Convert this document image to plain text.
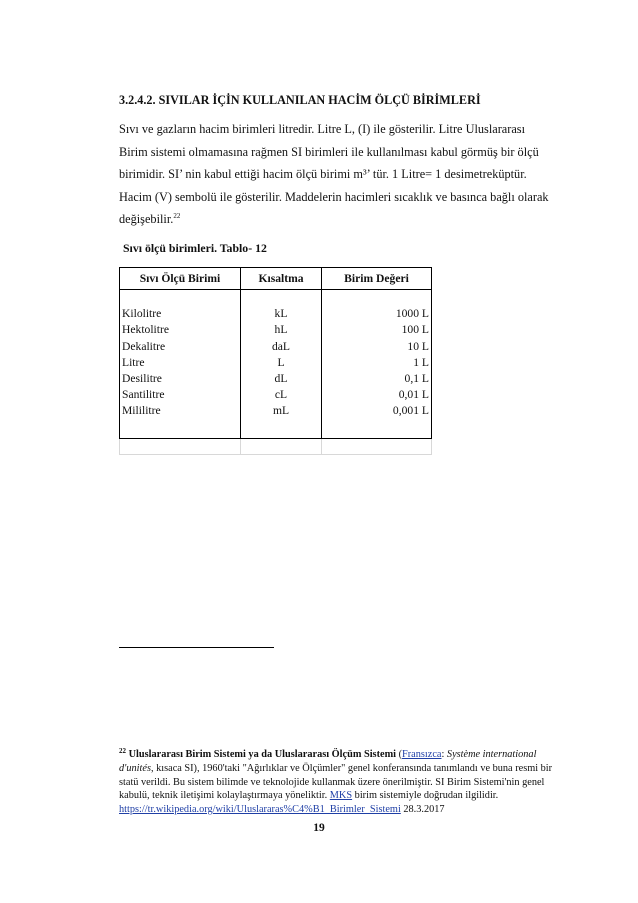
3.2.4.2. SIVILAR İÇİN KULLANILAN HACİM ÖLÇÜ BİRİMLERİ
Sıvı ve gazların hacim birimleri litredir. Litre L, (I) ile gösterilir. Litre Uluslararası
Birim sistemi olmamasına rağmen SI birimleri ile kullanılması kabul görmüş bir ölçü
birimidir. SI’ nin kabul ettiği hacim ölçü birimi m³’ tür. 1 Litre= 1 desimetreküptür.
Hacim (V) sembolü ile gösterilir. Maddelerin hacimleri sıcaklık ve basınca bağlı olarak
değişebilir.$^{22}$
Sıvı ölçü birimleri. Tablo- 12
Sıvı Ölçü Birimi	Kısaltma	Birim Değeri

Kilolitre	kL	1000 L
Hektolitre	hL	100 L
Dekalitre	daL	10 L
Litre	L	1 L
Desilitre	dL	0,1 L
Santilitre	cL	0,01 L
Mililitre	mL	0,001 L

$^{22}$ Uluslararası Birim Sistemi ya da Uluslararası Ölçüm Sistemi (Fransızca: Système international
d'unités, kısaca SI), 1960'taki "Ağırlıklar ve Ölçümler" genel konferansında tanımlandı ve buna resmi bir
statü verildi. Bu sistem bilimde ve teknolojide kullanmak üzere önerilmiştir. SI Birim Sistemi'nin genel
kabulü, teknik iletişimi kolaylaştırmaya yöneliktir. MKS birim sistemiyle doğrudan ilgilidir.
https://tr.wikipedia.org/wiki/Uluslararas%C4%B1_Birimler_Sistemi 28.3.2017
19
